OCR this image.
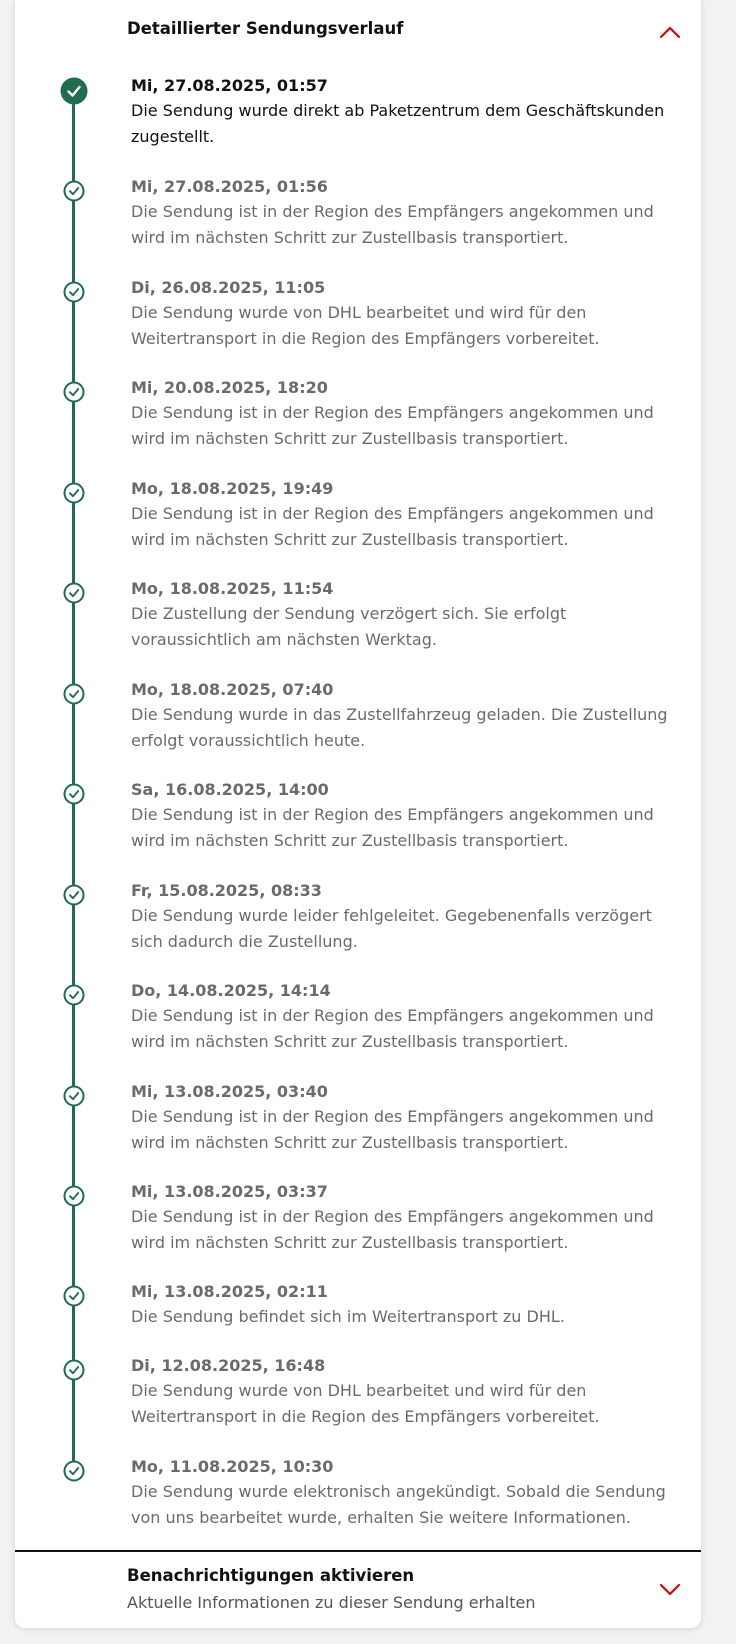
Detaillierter Sendungsverlauf
Mi, 27.08.2025, 01:57
Die Sendung wurde direkt ab Paketzentrum dem Geschäftskunden zugestellt.
Mi, 27.08.2025, 01:56
Die Sendung ist in der Region des Empfängers angekommen und wird im nächsten Schritt zur Zustellbasis transportiert.
Di, 26.08.2025, 11:05
Die Sendung wurde von DHL bearbeitet und wird für den Weitertransport in die Region des Empfängers vorbereitet.
Mi, 20.08.2025, 18:20
Die Sendung ist in der Region des Empfängers angekommen und wird im nächsten Schritt zur Zustellbasis transportiert.
Mo, 18.08.2025, 19:49
Die Sendung ist in der Region des Empfängers angekommen und wird im nächsten Schritt zur Zustellbasis transportiert.
Mo, 18.08.2025, 11:54
Die Zustellung der Sendung verzögert sich. Sie erfolgt voraussichtlich am nächsten Werktag.
Mo, 18.08.2025, 07:40
Die Sendung wurde in das Zustellfahrzeug geladen. Die Zustellung erfolgt voraussichtlich heute.
Sa, 16.08.2025, 14:00
Die Sendung ist in der Region des Empfängers angekommen und wird im nächsten Schritt zur Zustellbasis transportiert.
Fr, 15.08.2025, 08:33
Die Sendung wurde leider fehlgeleitet. Gegebenenfalls verzögert sich dadurch die Zustellung.
Do, 14.08.2025, 14:14
Die Sendung ist in der Region des Empfängers angekommen und wird im nächsten Schritt zur Zustellbasis transportiert.
Mi, 13.08.2025, 03:40
Die Sendung ist in der Region des Empfängers angekommen und wird im nächsten Schritt zur Zustellbasis transportiert.
Mi, 13.08.2025, 03:37
Die Sendung ist in der Region des Empfängers angekommen und wird im nächsten Schritt zur Zustellbasis transportiert.
Mi, 13.08.2025, 02:11
Die Sendung befindet sich im Weitertransport zu DHL.
Di, 12.08.2025, 16:48
Die Sendung wurde von DHL bearbeitet und wird für den Weitertransport in die Region des Empfängers vorbereitet.
Mo, 11.08.2025, 10:30
Die Sendung wurde elektronisch angekündigt. Sobald die Sendung von uns bearbeitet wurde, erhalten Sie weitere Informationen.
Benachrichtigungen aktivieren
Aktuelle Informationen zu dieser Sendung erhalten
